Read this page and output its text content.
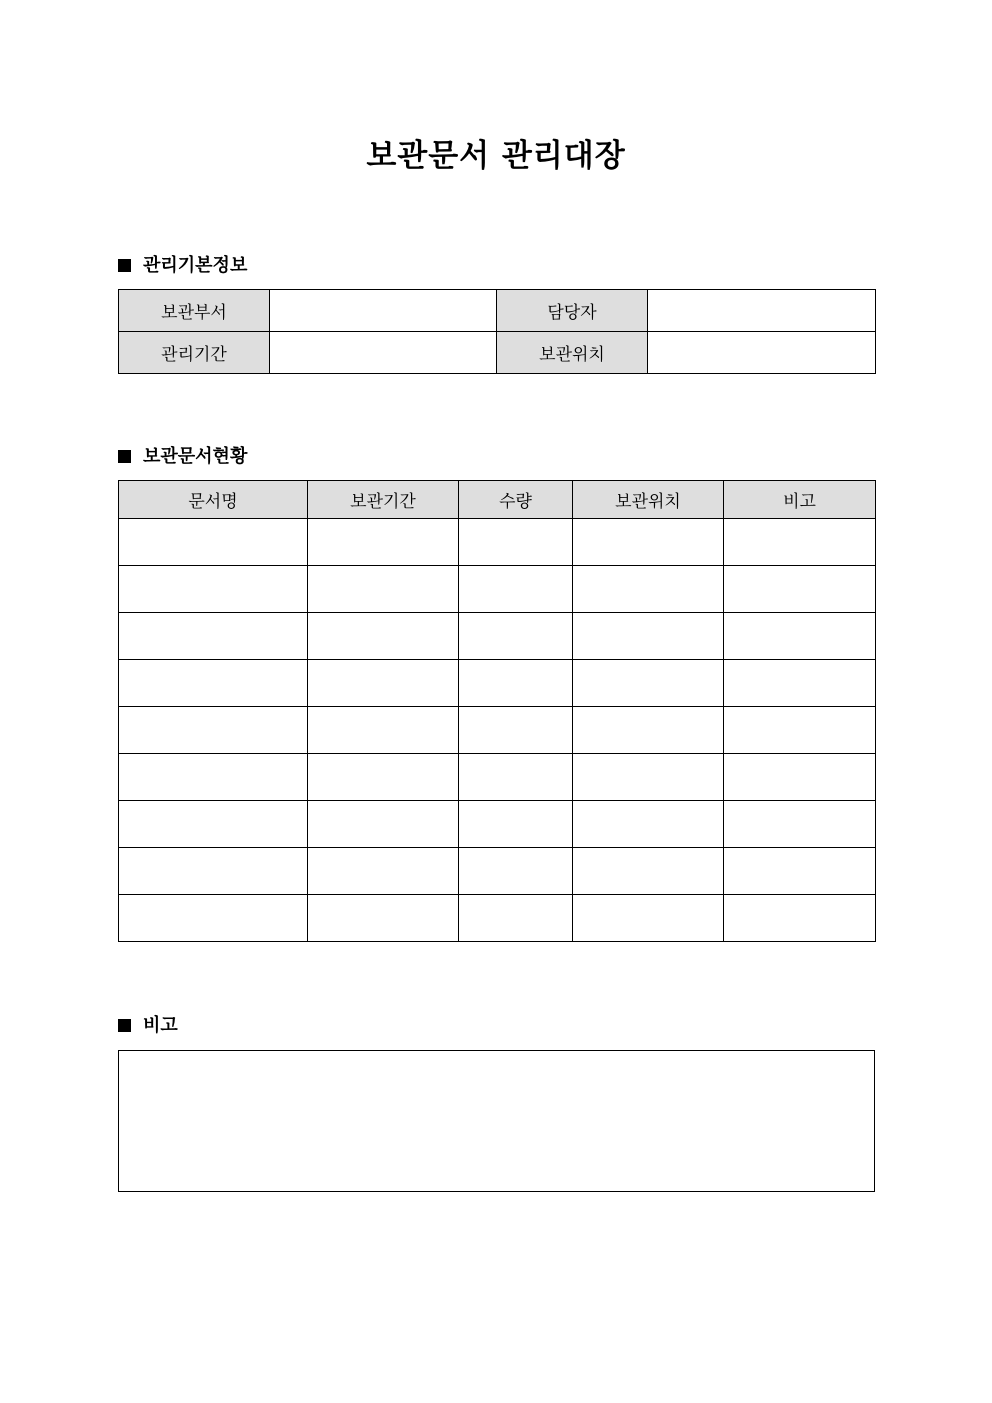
보관문서 관리대장
관리기본정보
보관부서		담당자	
관리기간		보관위치	
보관문서현황
문서명	보관기간	수량	보관위치	비고

비고
